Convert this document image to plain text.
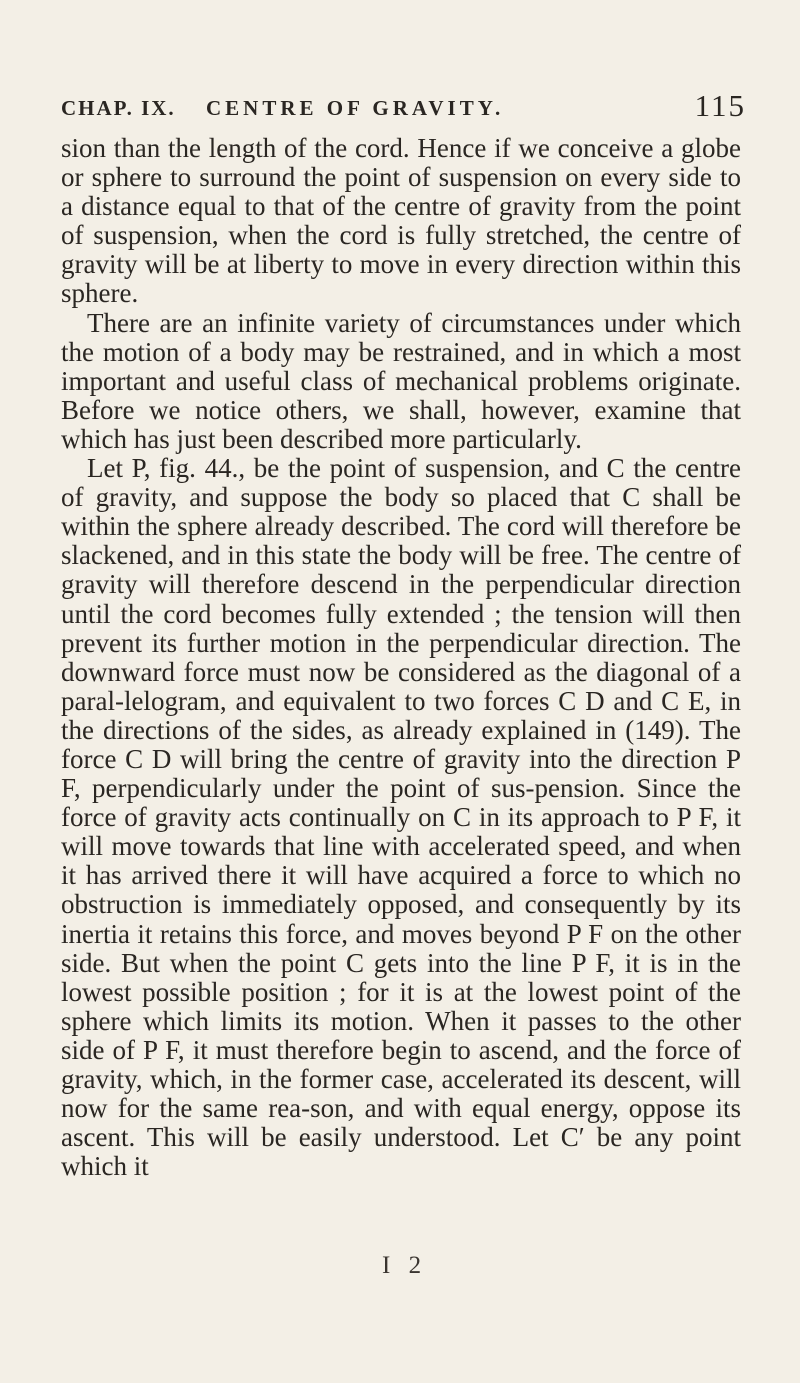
CHAP. IX. CENTRE OF GRAVITY.	115

sion than the length of the cord. Hence if we conceive a globe or sphere to surround the point of suspension on every side to a distance equal to that of the centre of gravity from the point of suspension, when the cord is fully stretched, the centre of gravity will be at liberty to move in every direction within this sphere.

There are an infinite variety of circumstances under which the motion of a body may be restrained, and in which a most important and useful class of mechanical problems originate. Before we notice others, we shall, however, examine that which has just been described more particularly.

Let P, fig. 44., be the point of suspension, and C the centre of gravity, and suppose the body so placed that C shall be within the sphere already described. The cord will therefore be slackened, and in this state the body will be free. The centre of gravity will therefore descend in the perpendicular direction until the cord becomes fully extended ; the tension will then prevent its further motion in the perpendicular direction. The downward force must now be considered as the diagonal of a paral-lelogram, and equivalent to two forces C D and C E, in the directions of the sides, as already explained in (149). The force C D will bring the centre of gravity into the direction P F, perpendicularly under the point of sus-pension. Since the force of gravity acts continually on C in its approach to P F, it will move towards that line with accelerated speed, and when it has arrived there it will have acquired a force to which no obstruction is immediately opposed, and consequently by its inertia it retains this force, and moves beyond P F on the other side. But when the point C gets into the line P F, it is in the lowest possible position ; for it is at the lowest point of the sphere which limits its motion. When it passes to the other side of P F, it must therefore begin to ascend, and the force of gravity, which, in the former case, accelerated its descent, will now for the same rea-son, and with equal energy, oppose its ascent. This will be easily understood. Let C′ be any point which it

I 2
